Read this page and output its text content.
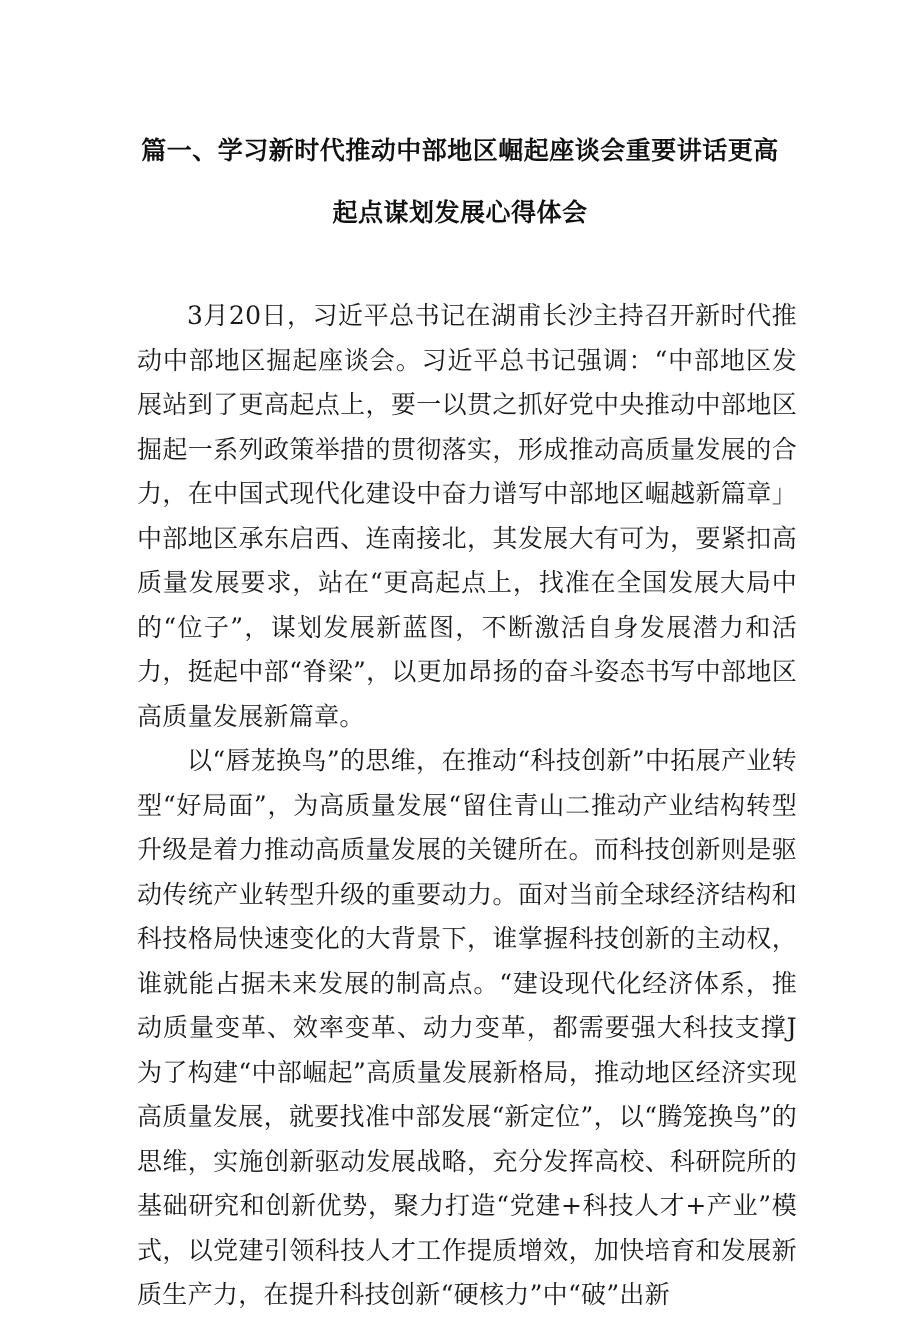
篇一、学习新时代推动中部地区崛起座谈会重要讲话更高
起点谋划发展心得体会

3月20日，习近平总书记在湖甫长沙主持召开新时代推动中部地区掘起座谈会。习近平总书记强调：“中部地区发展站到了更高起点上，要一以贯之抓好党中央推动中部地区掘起一系列政策举措的贯彻落实，形成推动高质量发展的合力，在中国式现代化建设中奋力谱写中部地区崛越新篇章」中部地区承东启西、连南接北，其发展大有可为，要紧扣高质量发展要求，站在“更高起点上，找准在全国发展大局中的“位子”，谋划发展新蓝图，不断激活自身发展潜力和活力，挺起中部“脊梁”，以更加昂扬的奋斗姿态书写中部地区高质量发展新篇章。

以“唇茏换鸟”的思维，在推动“科技创新”中拓展产业转型“好局面”，为高质量发展“留住青山二推动产业结构转型升级是着力推动高质量发展的关键所在。而科技创新则是驱动传统产业转型升级的重要动力。面对当前全球经济结构和科技格局快速变化的大背景下，谁掌握科技创新的主动权，谁就能占据未来发展的制高点。“建设现代化经济体系，推动质量变革、效率变革、动力变革，都需要强大科技支撑J为了构建“中部崛起”高质量发展新格局，推动地区经济实现高质量发展，就要找准中部发展“新定位”，以“腾笼换鸟”的思维，实施创新驱动发展战略，充分发挥高校、科研院所的基础研究和创新优势，聚力打造“党建+科技人才+产业”模式，以党建引领科技人才工作提质增效，加快培育和发展新质生产力，在提升科技创新“硬核力”中“破”出新
